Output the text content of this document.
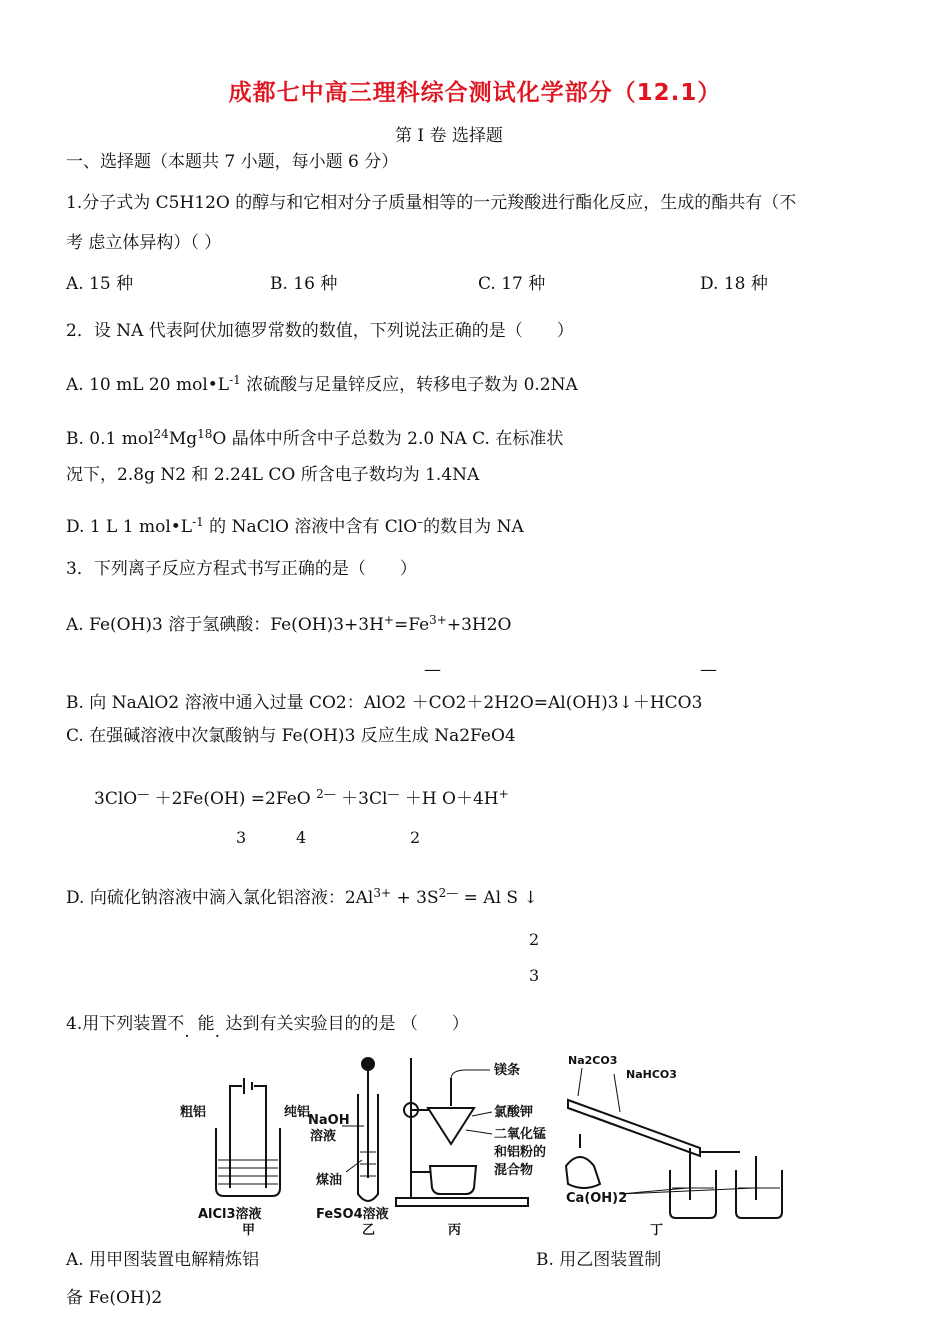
成都七中高三理科综合测试化学部分（12.1）
第 Ⅰ 卷 选择题
一、选择题（本题共 7 小题，每小题 6 分）
1.分子式为 C5H12O 的醇与和它相对分子质量相等的一元羧酸进行酯化反应，生成的酯共有（不
考 虑立体异构）（ ）
A. 15 种	B. 16 种	C. 17 种	D. 18 种
2．设 NA 代表阿伏加德罗常数的数值，下列说法正确的是（　　）
A. 10 mL 20 $mol•L^{-1}$ 浓硫酸与足量锌反应，转移电子数为 0.2NA
B. 0.1 mol$^{24}$Mg$^{18}$O 晶体中所含中子总数为 2.0 NA C. 在标准状
况下，2.8g N2 和 2.24L CO 所含电子数均为 1.4NA
D. 1 L 1 $mol•L^{-1}$ 的 NaClO 溶液中含有 ClO–的数目为 NA
3．下列离子反应方程式书写正确的是（　　）
A. Fe(OH)3 溶于氢碘酸：$Fe(OH)3+3H^+=Fe^{3+}+3H2O$
—	—
B. 向 NaAlO2 溶液中通入过量 CO2：AlO2 ＋CO2＋2H2O=Al(OH)3↓＋HCO3
C. 在强碱溶液中次氯酸钠与 Fe(OH)3 反应生成 Na2FeO4
3ClO— ＋2Fe(OH) =2FeO $^{2—}$ ＋3Cl— ＋H O＋4H+
3	4	2
D. 向硫化钠溶液中滴入氯化铝溶液：$2Al^{3+} + 3S^{2—} = Al$ S ↓
2
3
4.用下列装置不. 能. 达到有关实验目的的是 （　　）
粗铝	纯铝
AlCl3溶液
甲
NaOH
溶液
煤油
FeSO4溶液
乙
镁条
氯酸钾
二氧化锰
和铝粉的
混合物
丙
Na2CO3
NaHCO3
Ca(OH)2
丁
A. 用甲图装置电解精炼铝	B. 用乙图装置制
备 Fe(OH)2
